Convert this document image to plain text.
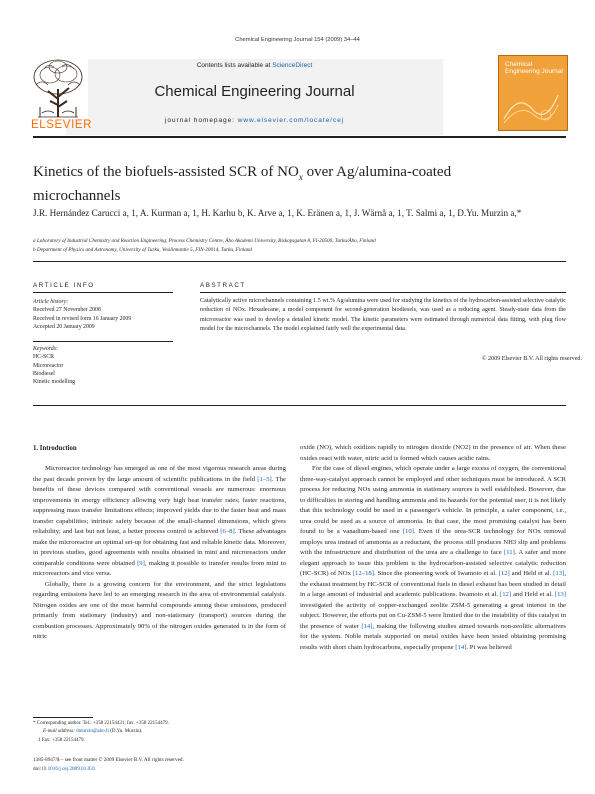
Chemical Engineering Journal 154 (2009) 34–44
Contents lists available at ScienceDirect
Chemical Engineering Journal
journal homepage: www.elsevier.com/locate/cej
ELSEVIER
Chemical Engineering Journal
Kinetics of the biofuels-assisted SCR of $NO_x$ over Ag/alumina-coated microchannels
J.R. Hernández Carucci a, 1, A. Kurman a, 1, H. Karhu b, K. Arve a, 1, K. Eränen a, 1, J. Wärnå a, 1, T. Salmi a, 1, D.Yu. Murzin a,*
a Laboratory of Industrial Chemistry and Reaction Engineering, Process Chemistry Centre, Åbo Akademi University, Biskopsgatan 8, FI-20500, Turku/Åbo, Finland
b Department of Physics and Astronomy, University of Turku, Vesilinnantie 5, FIN-20014, Turku, Finland
ARTICLE INFO
Article history:
Received 27 November 2008
Received in revised form 16 January 2009
Accepted 20 January 2009
Keywords:
HC-SCR
Microreactor
Biodiesel
Kinetic modelling
ABSTRACT
Catalytically active microchannels containing 1.5 wt.% Ag/alumina were used for studying the kinetics of the hydrocarbon-assisted selective catalytic reduction of NOx. Hexadecane, a model component for second-generation biodiesels, was used as a reducing agent. Steady-state data from the microreactor was used to develop a detailed kinetic model. The kinetic parameters were estimated through numerical data fitting, with plug flow model for the microchannels. The model explained fairly well the experimental data.
© 2009 Elsevier B.V. All rights reserved.
1. Introduction

Microreactor technology has emerged as one of the most vigorous research areas during the past decade proven by the large amount of scientific publications in the field [1–5]. The benefits of these devices compared with conventional vessels are numerous: enormous improvements in energy efficiency allowing very high heat transfer rates; faster reactions, suppressing mass transfer limitations effects; improved yields due to the faster heat and mass transfer capabilities; intrinsic safety because of the small-channel dimensions, which gives reliability; and last but not least, a better process control is achieved [6–8]. These advantages make the microreactor an optimal set-up for obtaining fast and reliable kinetic data. Moreover, in previous studies, good agreements with results obtained in mini and microreactors under comparable conditions were obtained [9], making it possible to transfer results from mini to microreactors and vice versa.

Globally, there is a growing concern for the environment, and the strict legislations regarding emissions have led to an emerging research in the area of environmental catalysis. Nitrogen oxides are one of the most harmful compounds among these emissions, produced primarily from stationary (industry) and non-stationary (transport) sources during the combustion processes. Approximately 90% of the nitrogen oxides generated is in the form of nitric

oxide (NO), which oxidizes rapidly to nitrogen dioxide (NO2) in the presence of air. When these oxides react with water, nitric acid is formed which causes acidic rains.

For the case of diesel engines, which operate under a large excess of oxygen, the conventional three-way-catalyst approach cannot be employed and other techniques must be introduced. A SCR process for reducing NOx using ammonia in stationary sources is well established. However, due to difficulties in storing and handling ammonia and its hazards for the potential user, it is not likely that this technology could be used in a passenger's vehicle. In principle, a safer component, i.e., urea could be used as a source of ammonia. In that case, the most promising catalyst has been found to be a vanadium-based one [10]. Even if the urea-SCR technology for NOx removal employs urea instead of ammonia as a reductant, the process still produces NH3 slip and problems with the infrastructure and distribution of the urea are a challenge to face [11]. A safer and more elegant approach to issue this problem is the hydrocarbon-assisted selective catalytic reduction (HC-SCR) of NOx [12–18]. Since the pioneering work of Iwamoto et al. [12] and Held et al. [13], the exhaust treatment by HC-SCR of conventional fuels in diesel exhaust has been studied in detail in a large amount of industrial and academic publications. Iwamoto et al. [12] and Held et al. [13] investigated the activity of copper-exchanged zeolite ZSM-5 generating a great interest in the subject. However, the efforts put on Cu-ZSM-5 were limited due to the instability of this catalyst in the presence of water [14], making the following studies aimed towards non-zeolitic alternatives for the system. Noble metals supported on metal oxides have been tested obtaining promising results with short chain hydrocarbons, especially propene [14]. Pt was believed

* Corresponding author. Tel.: +358 22154431; fax: +358 22154479.
E-mail address: dmurzin@abo.fi (D.Yu. Murzin).
1 Fax: +358 22154479.
1385-8947/$ – see front matter © 2009 Elsevier B.V. All rights reserved.
doi:10.1016/j.cej.2009.01.031
